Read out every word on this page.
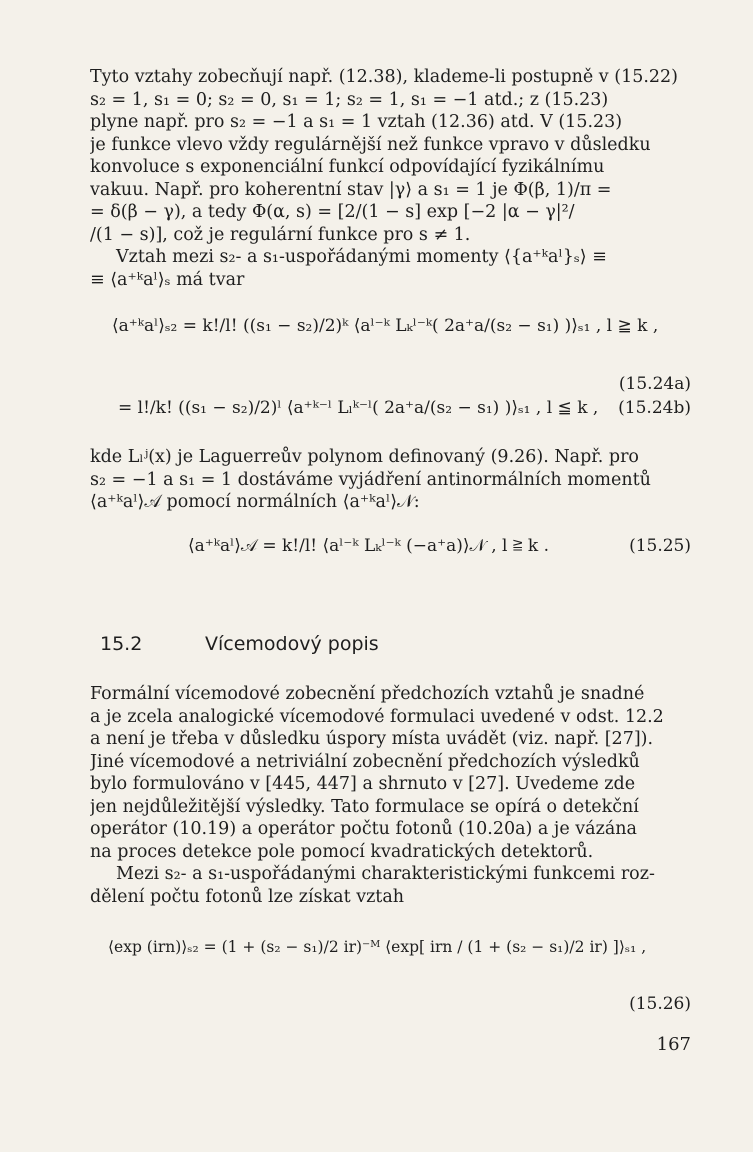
Tyto vztahy zobecňují např. (12.38), klademe-li postupně v (15.22)
s₂ = 1, s₁ = 0; s₂ = 0, s₁ = 1; s₂ = 1, s₁ = −1 atd.; z (15.23)
plyne např. pro s₂ = −1 a s₁ = 1 vztah (12.36) atd. V (15.23)
je funkce vlevo vždy regulárnější než funkce vpravo v důsledku
konvoluce s exponenciální funkcí odpovídající fyzikálnímu
vakuu. Např. pro koherentní stav |γ⟩ a s₁ = 1 je Φ(β, 1)/π =
= δ(β − γ), a tedy Φ(α, s) = [2/(1 − s] exp [−2 |α − γ|²/
/(1 − s)], což je regulární funkce pro s ≠ 1.
Vztah mezi s₂- a s₁-uspořádanými momenty ⟨{a⁺ᵏaˡ}ₛ⟩ ≡
≡ ⟨a⁺ᵏaˡ⟩ₛ má tvar
⟨a⁺ᵏaˡ⟩ₛ₂ = k!/l! ((s₁ − s₂)/2)ᵏ ⟨aˡ⁻ᵏ Lₖˡ⁻ᵏ( 2a⁺a/(s₂ − s₁) )⟩ₛ₁ , l ≧ k ,
(15.24a)
= l!/k! ((s₁ − s₂)/2)ˡ ⟨a⁺ᵏ⁻ˡ Lₗᵏ⁻ˡ( 2a⁺a/(s₂ − s₁) )⟩ₛ₁ , l ≦ k , (15.24b)
kde Lₗʲ(x) je Laguerreův polynom definovaný (9.26). Např. pro
s₂ = −1 a s₁ = 1 dostáváme vyjádření antinormálních momentů
⟨a⁺ᵏaˡ⟩𝒜 pomocí normálních ⟨a⁺ᵏaˡ⟩𝒩:
⟨a⁺ᵏaˡ⟩𝒜 = k!/l! ⟨aˡ⁻ᵏ Lₖˡ⁻ᵏ (−a⁺a)⟩𝒩 , l ≧ k .	(15.25)
15.2	Vícemodový popis
Formální vícemodové zobecnění předchozích vztahů je snadné
a je zcela analogické vícemodové formulaci uvedené v odst. 12.2
a není je třeba v důsledku úspory místa uvádět (viz. např. [27]).
Jiné vícemodové a netriviální zobecnění předchozích výsledků
bylo formulováno v [445, 447] a shrnuto v [27]. Uvedeme zde
jen nejdůležitější výsledky. Tato formulace se opírá o detekční
operátor (10.19) a operátor počtu fotonů (10.20a) a je vázána
na proces detekce pole pomocí kvadratických detektorů.
Mezi s₂- a s₁-uspořádanými charakteristickými funkcemi roz-
dělení počtu fotonů lze získat vztah
⟨exp (irn)⟩ₛ₂ = (1 + (s₂ − s₁)/2 ir)⁻ᴹ ⟨exp[ irn / (1 + (s₂ − s₁)/2 ir) ]⟩ₛ₁ ,
(15.26)
167
